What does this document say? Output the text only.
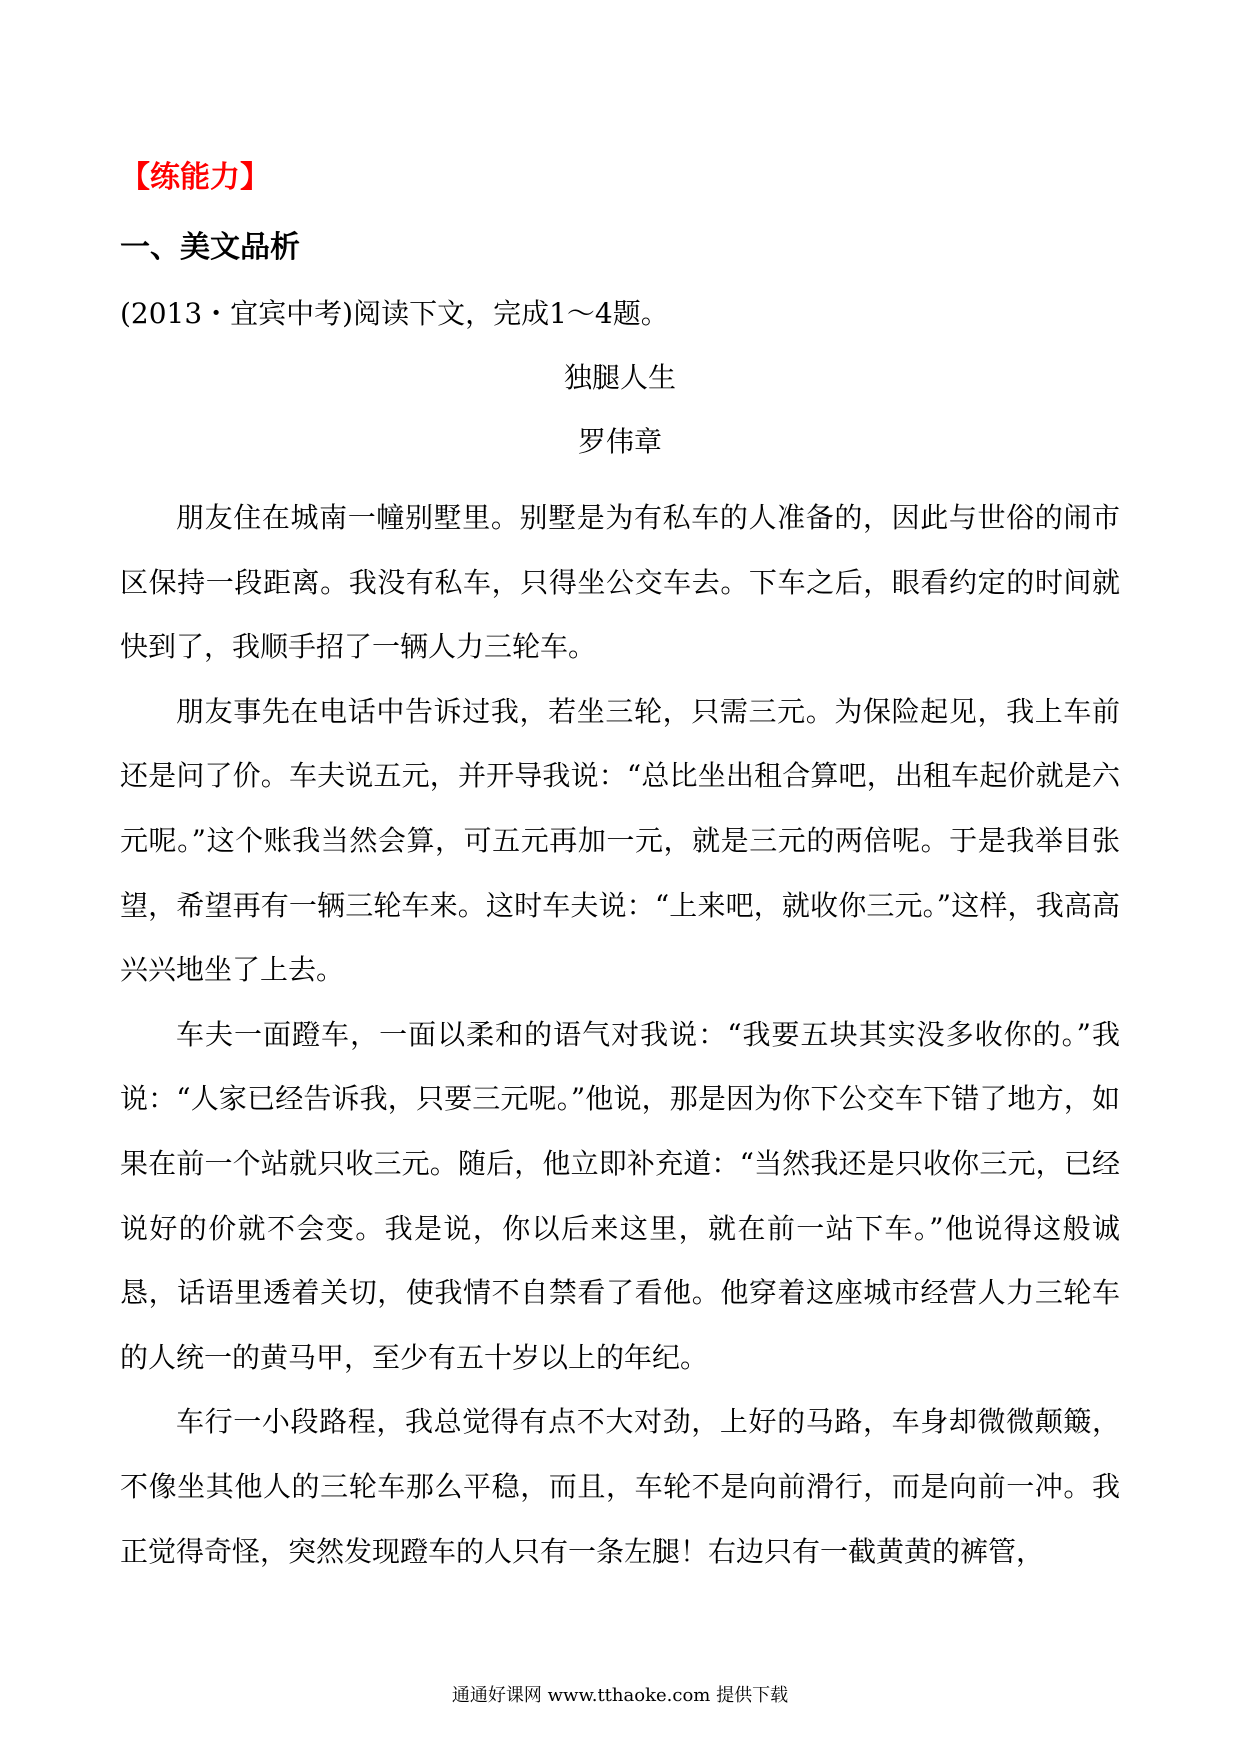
【练能力】
一、美文品析
(2013・宜宾中考)阅读下文，完成1～4题。
独腿人生
罗伟章

朋友住在城南一幢别墅里。别墅是为有私车的人准备的，因此与世俗的闹市区保持一段距离。我没有私车，只得坐公交车去。下车之后，眼看约定的时间就快到了，我顺手招了一辆人力三轮车。

朋友事先在电话中告诉过我，若坐三轮，只需三元。为保险起见，我上车前还是问了价。车夫说五元，并开导我说：“总比坐出租合算吧，出租车起价就是六元呢。”这个账我当然会算，可五元再加一元，就是三元的两倍呢。于是我举目张望，希望再有一辆三轮车来。这时车夫说：“上来吧，就收你三元。”这样，我高高兴兴地坐了上去。

车夫一面蹬车，一面以柔和的语气对我说：“我要五块其实没多收你的。”我说：“人家已经告诉我，只要三元呢。”他说，那是因为你下公交车下错了地方，如果在前一个站就只收三元。随后，他立即补充道：“当然我还是只收你三元，已经说好的价就不会变。我是说，你以后来这里，就在前一站下车。”他说得这般诚恳，话语里透着关切，使我情不自禁看了看他。他穿着这座城市经营人力三轮车的人统一的黄马甲，至少有五十岁以上的年纪。

车行一小段路程，我总觉得有点不大对劲，上好的马路，车身却微微颠簸，不像坐其他人的三轮车那么平稳，而且，车轮不是向前滑行，而是向前一冲。我正觉得奇怪，突然发现蹬车的人只有一条左腿！右边只有一截黄黄的裤管，

通通好课网 www.tthaoke.com 提供下载
